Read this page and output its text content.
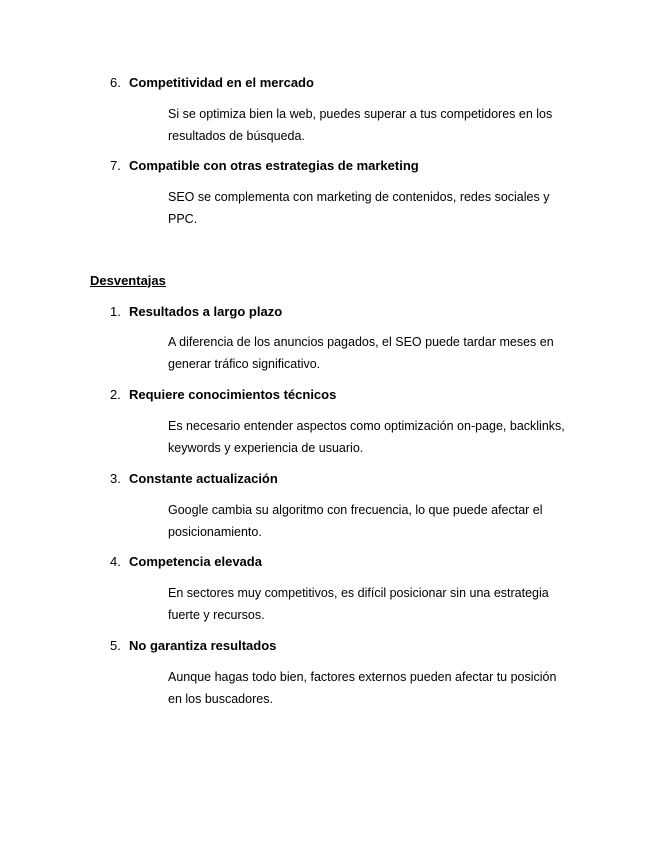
6. Competitividad en el mercado
Si se optimiza bien la web, puedes superar a tus competidores en los resultados de búsqueda.
7. Compatible con otras estrategias de marketing
SEO se complementa con marketing de contenidos, redes sociales y PPC.
Desventajas
1. Resultados a largo plazo
A diferencia de los anuncios pagados, el SEO puede tardar meses en generar tráfico significativo.
2. Requiere conocimientos técnicos
Es necesario entender aspectos como optimización on-page, backlinks, keywords y experiencia de usuario.
3. Constante actualización
Google cambia su algoritmo con frecuencia, lo que puede afectar el posicionamiento.
4. Competencia elevada
En sectores muy competitivos, es difícil posicionar sin una estrategia fuerte y recursos.
5. No garantiza resultados
Aunque hagas todo bien, factores externos pueden afectar tu posición en los buscadores.
